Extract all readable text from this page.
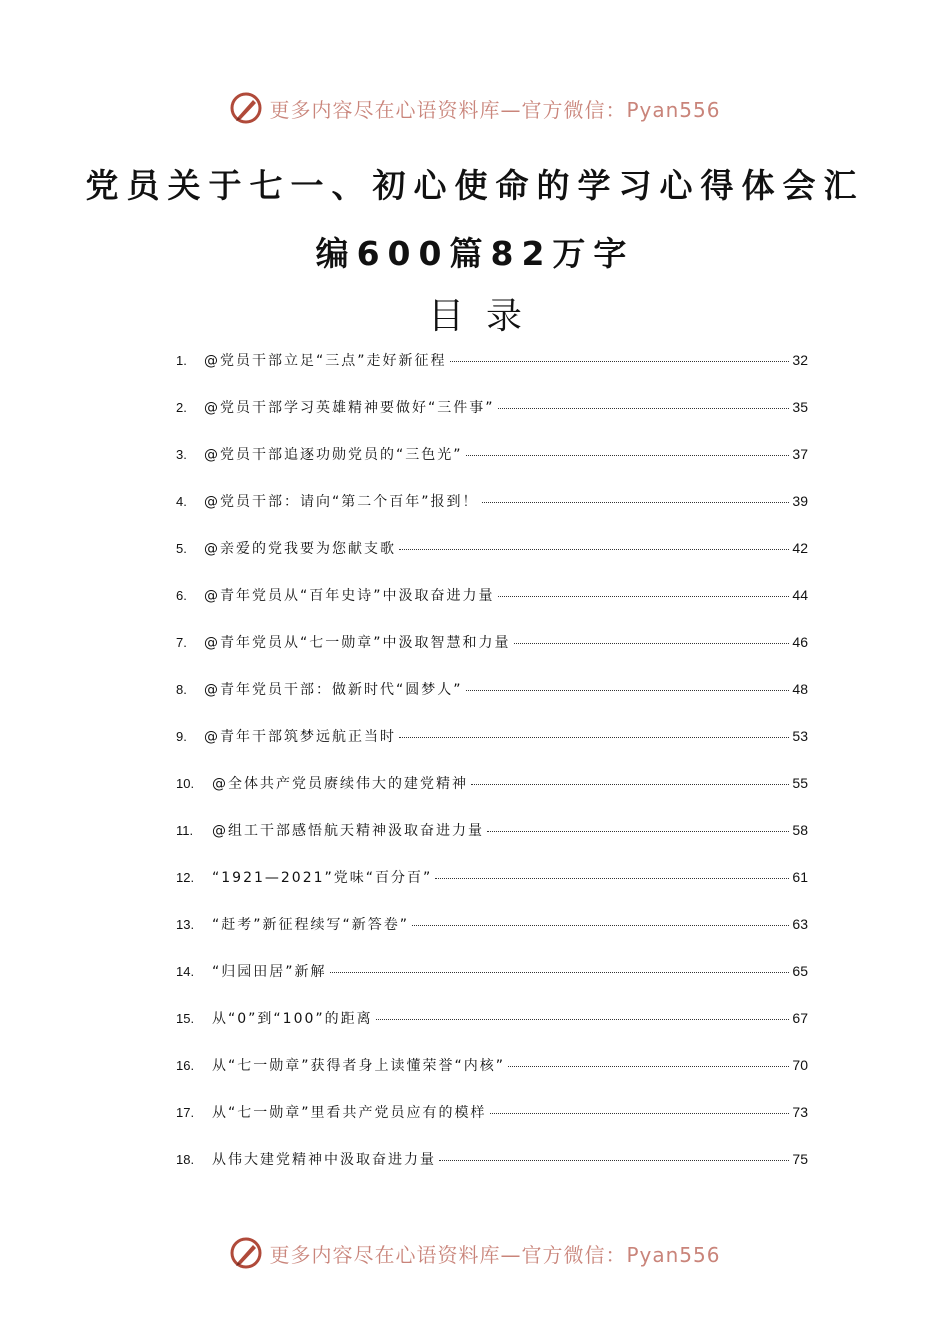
更多内容尽在心语资料库—官方微信：Pyan556
党员关于七一、初心使命的学习心得体会汇
编600篇82万字
目录
1.	@党员干部立足“三点”走好新征程	32
2.	@党员干部学习英雄精神要做好“三件事”	35
3.	@党员干部追逐功勋党员的“三色光”	37
4.	@党员干部：请向“第二个百年”报到！	39
5.	@亲爱的党我要为您献支歌	42
6.	@青年党员从“百年史诗”中汲取奋进力量	44
7.	@青年党员从“七一勋章”中汲取智慧和力量	46
8.	@青年党员干部：做新时代“圆梦人”	48
9.	@青年干部筑梦远航正当时	53
10.	@全体共产党员赓续伟大的建党精神	55
11.	@组工干部感悟航天精神汲取奋进力量	58
12.	“1921—2021”党味“百分百”	61
13.	“赶考”新征程续写“新答卷”	63
14.	“归园田居”新解	65
15.	从“0”到“100”的距离	67
16.	从“七一勋章”获得者身上读懂荣誉“内核”	70
17.	从“七一勋章”里看共产党员应有的模样	73
18.	从伟大建党精神中汲取奋进力量	75
更多内容尽在心语资料库—官方微信：Pyan556
